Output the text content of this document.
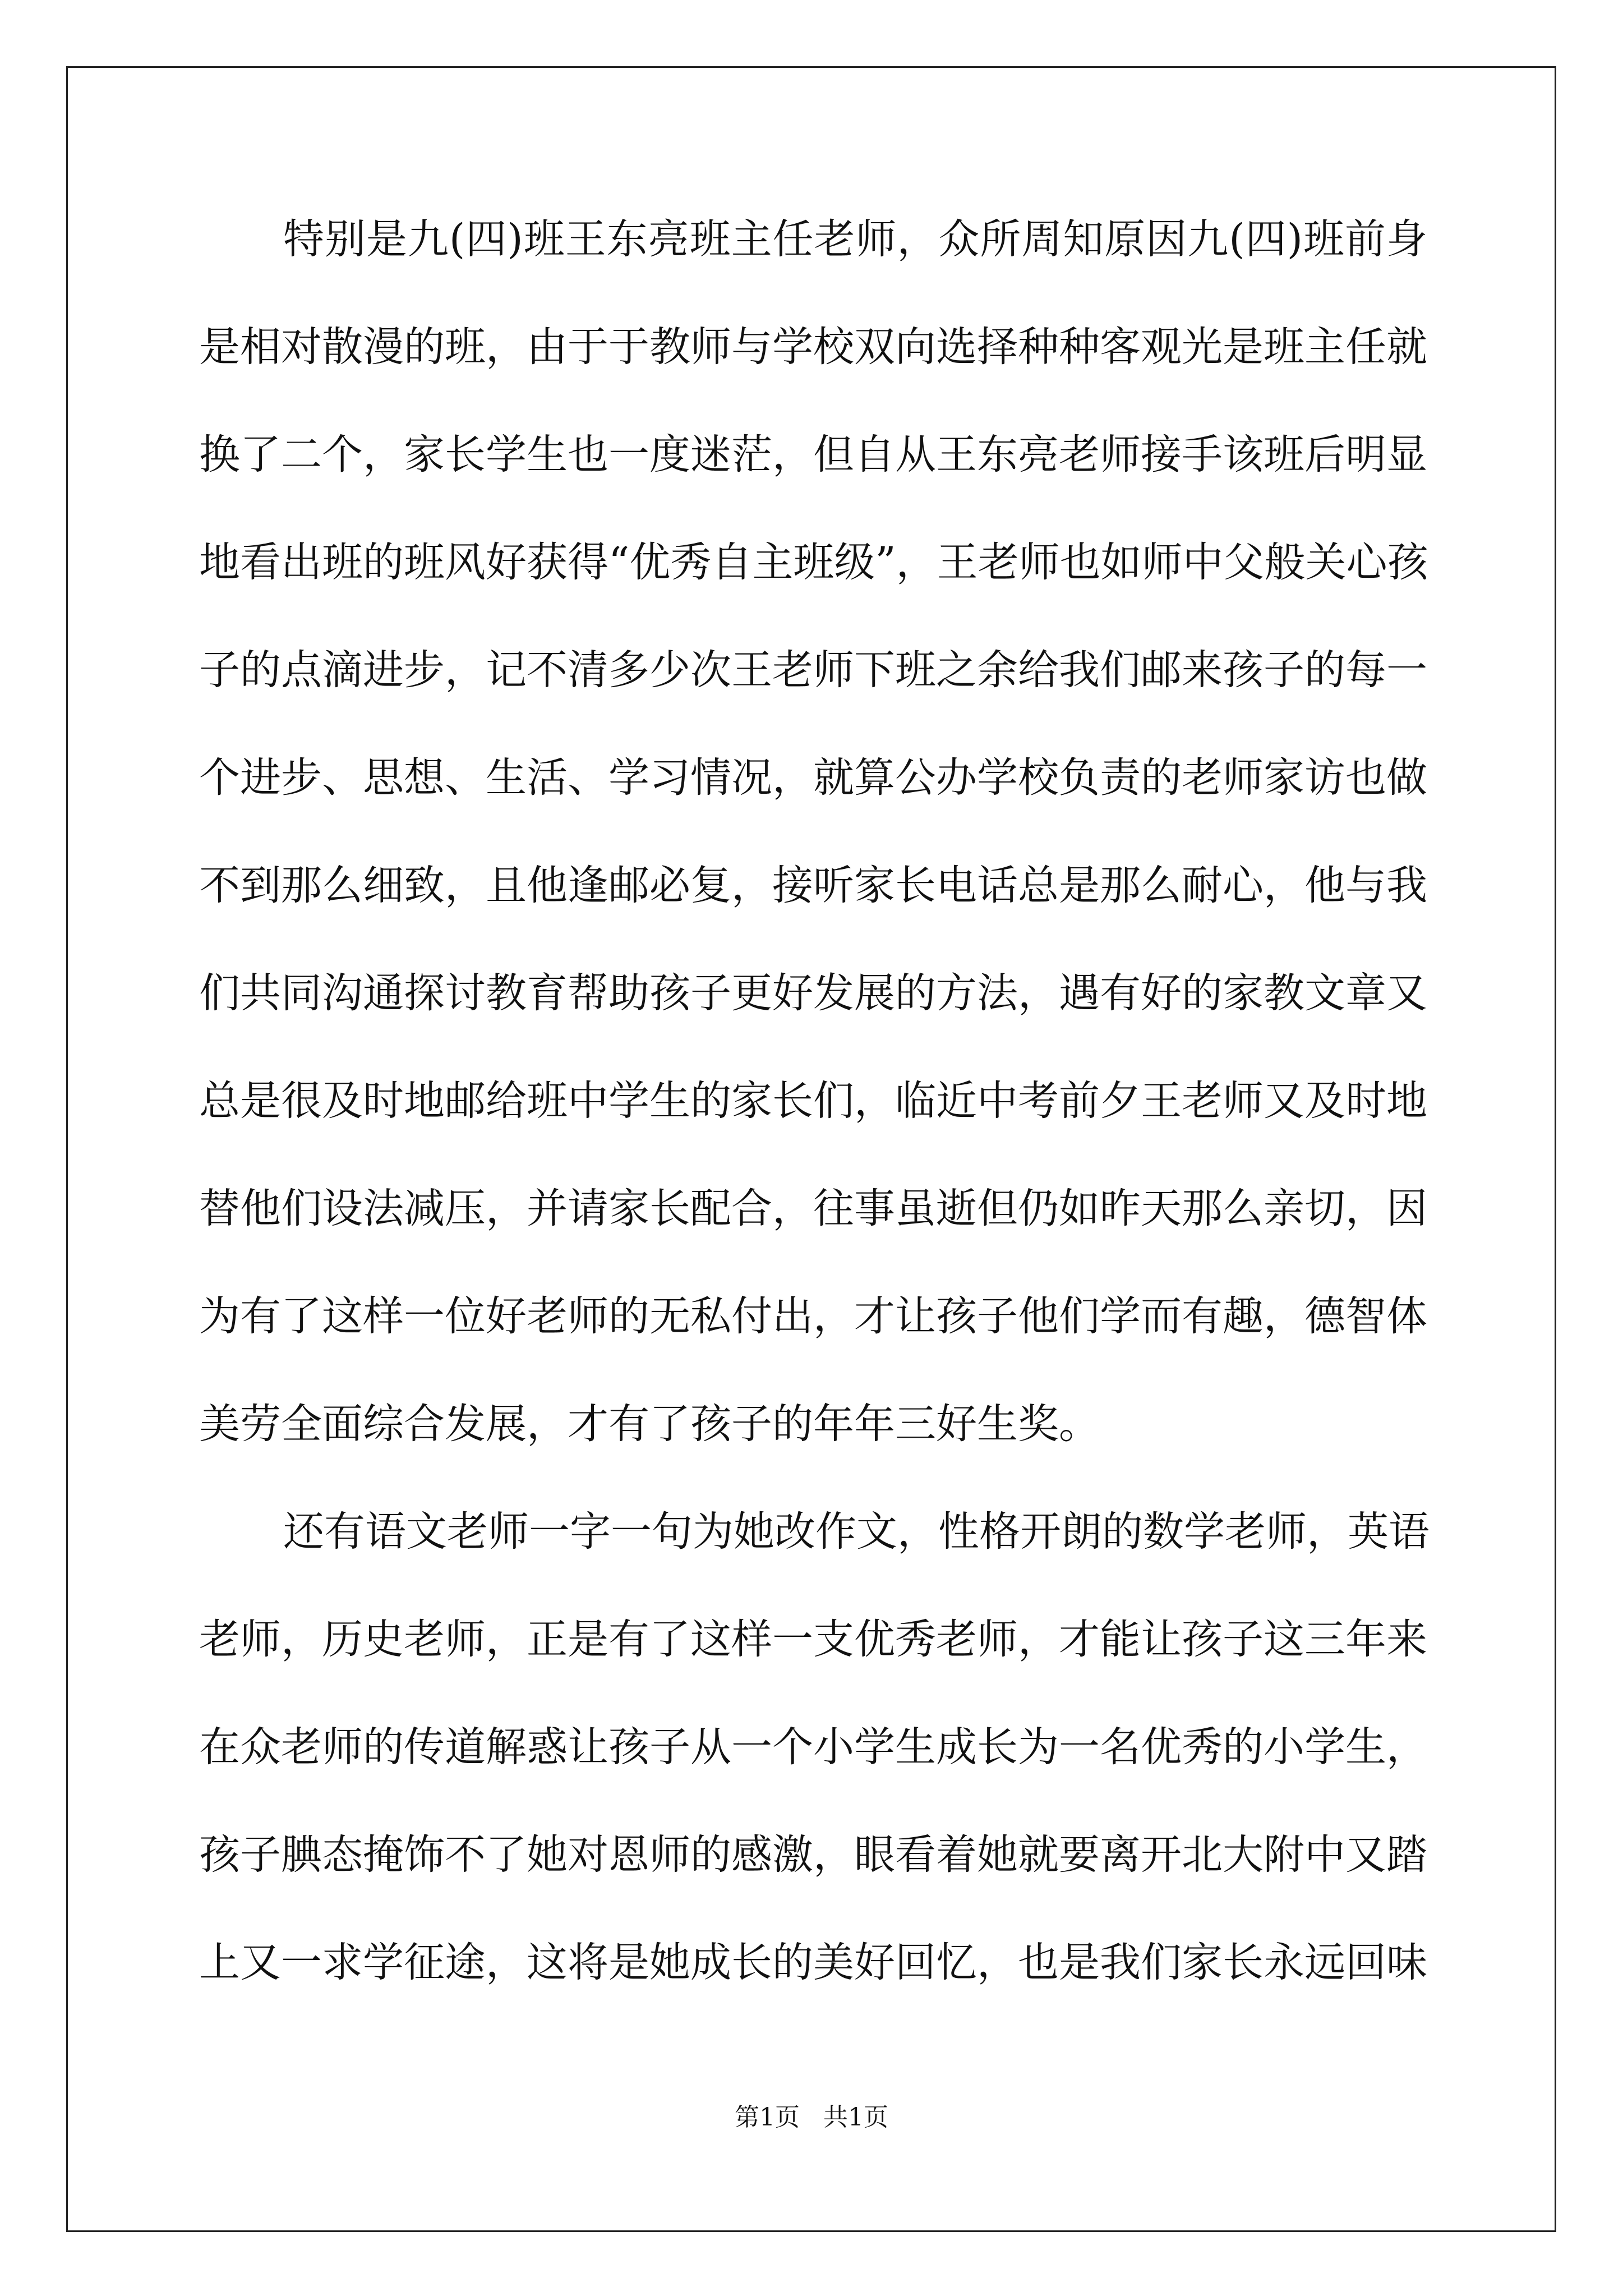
特别是九(四)班王东亮班主任老师，众所周知原因九(四)班前身
是相对散漫的班，由于于教师与学校双向选择种种客观光是班主任就
换了二个，家长学生也一度迷茫，但自从王东亮老师接手该班后明显
地看出班的班风好获得“优秀自主班级”，王老师也如师中父般关心孩
子的点滴进步，记不清多少次王老师下班之余给我们邮来孩子的每一
个进步、思想、生活、学习情况，就算公办学校负责的老师家访也做
不到那么细致，且他逢邮必复，接听家长电话总是那么耐心，他与我
们共同沟通探讨教育帮助孩子更好发展的方法，遇有好的家教文章又
总是很及时地邮给班中学生的家长们，临近中考前夕王老师又及时地
替他们设法减压，并请家长配合，往事虽逝但仍如昨天那么亲切，因
为有了这样一位好老师的无私付出，才让孩子他们学而有趣，德智体
美劳全面综合发展，才有了孩子的年年三好生奖。
还有语文老师一字一句为她改作文，性格开朗的数学老师，英语
老师，历史老师，正是有了这样一支优秀老师，才能让孩子这三年来
在众老师的传道解惑让孩子从一个小学生成长为一名优秀的小学生，
孩子腆态掩饰不了她对恩师的感激，眼看着她就要离开北大附中又踏
上又一求学征途，这将是她成长的美好回忆，也是我们家长永远回味
第1页   共1页
